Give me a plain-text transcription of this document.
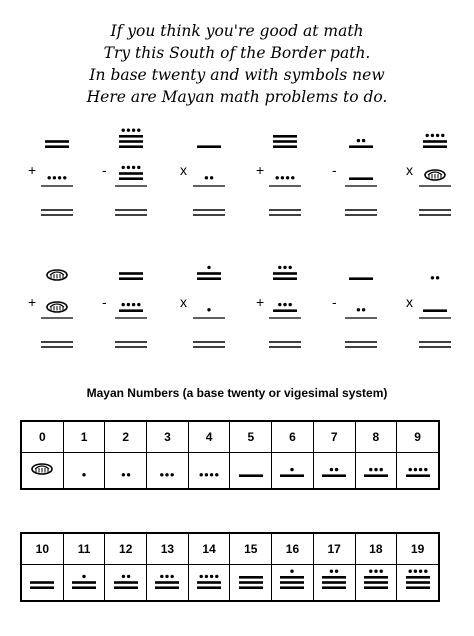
If you think you're good at math
Try this South of the Border path.
In base twenty and with symbols new
Here are Mayan math problems to do.
+	-	x	+	-	x
+	-	x	+	-	x
Mayan Numbers (a base twenty or vigesimal system)
0	1	2	3	4	5	6	7	8	9

10	11	12	13	14	15	16	17	18	19
